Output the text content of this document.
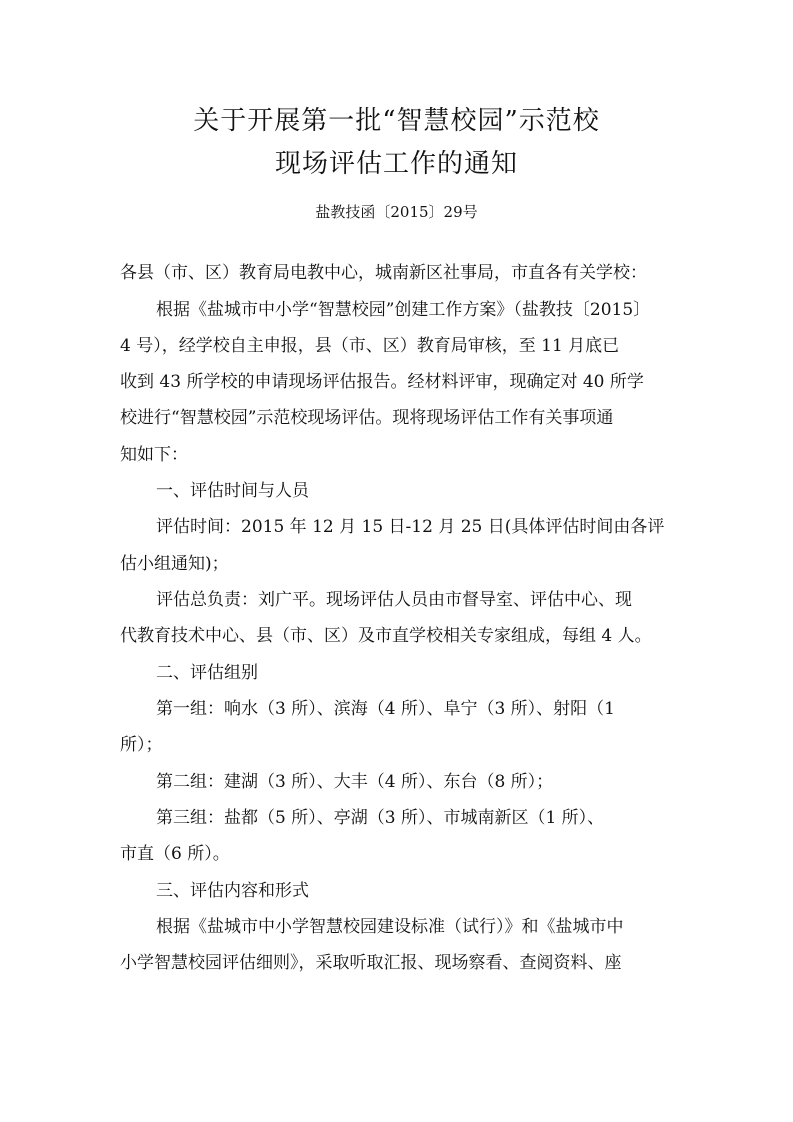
关于开展第一批“智慧校园”示范校
现场评估工作的通知
盐教技函〔2015〕29号
各县（市、区）教育局电教中心，城南新区社事局，市直各有关学校：
根据《盐城市中小学“智慧校园”创建工作方案》（盐教技〔2015〕
4 号），经学校自主申报，县（市、区）教育局审核，至 11 月底已
收到 43 所学校的申请现场评估报告。经材料评审，现确定对 40 所学
校进行“智慧校园”示范校现场评估。现将现场评估工作有关事项通
知如下：
一、评估时间与人员
评估时间：2015 年 12 月 15 日-12 月 25 日(具体评估时间由各评
估小组通知)；
评估总负责：刘广平。现场评估人员由市督导室、评估中心、现
代教育技术中心、县（市、区）及市直学校相关专家组成，每组 4 人。
二、评估组别
第一组：响水（3 所）、滨海（4 所）、阜宁（3 所）、射阳（1
所）；
第二组：建湖（3 所）、大丰（4 所）、东台（8 所）；
第三组：盐都（5 所）、亭湖（3 所）、市城南新区（1 所）、
市直（6 所）。
三、评估内容和形式
根据《盐城市中小学智慧校园建设标准（试行）》和《盐城市中
小学智慧校园评估细则》，采取听取汇报、现场察看、查阅资料、座
